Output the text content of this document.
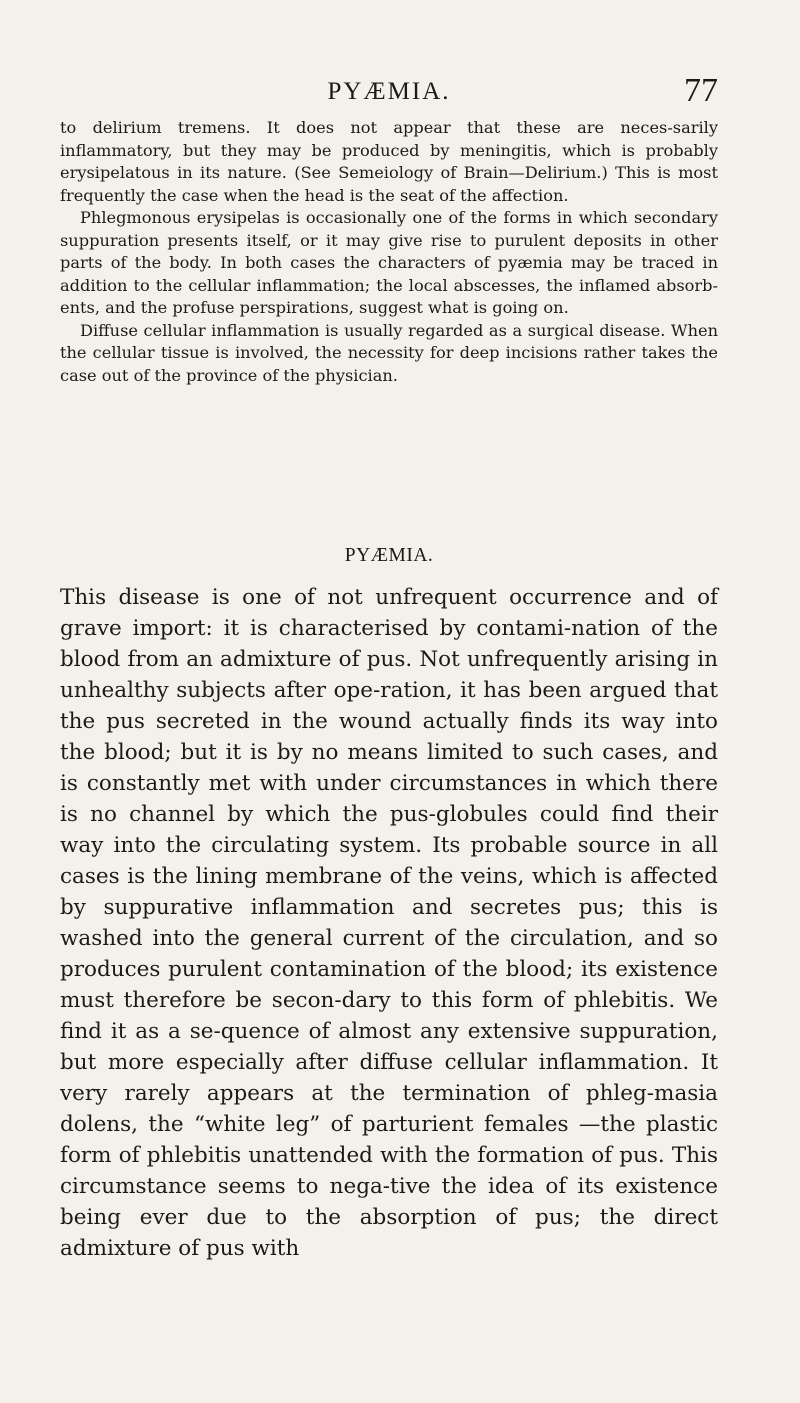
PYÆMIA.	77

to delirium tremens. It does not appear that these are neces-sarily inflammatory, but they may be produced by meningitis, which is probably erysipelatous in its nature. (See Semeiology of Brain—Delirium.) This is most frequently the case when the head is the seat of the affection.

Phlegmonous erysipelas is occasionally one of the forms in which secondary suppuration presents itself, or it may give rise to purulent deposits in other parts of the body. In both cases the characters of pyæmia may be traced in addition to the cellular inflammation; the local abscesses, the inflamed absorb-ents, and the profuse perspirations, suggest what is going on.

Diffuse cellular inflammation is usually regarded as a surgical disease. When the cellular tissue is involved, the necessity for deep incisions rather takes the case out of the province of the physician.

PYÆMIA.

This disease is one of not unfrequent occurrence and of grave import: it is characterised by contami-nation of the blood from an admixture of pus. Not unfrequently arising in unhealthy subjects after ope-ration, it has been argued that the pus secreted in the wound actually finds its way into the blood; but it is by no means limited to such cases, and is constantly met with under circumstances in which there is no channel by which the pus-globules could find their way into the circulating system. Its probable source in all cases is the lining membrane of the veins, which is affected by suppurative inflammation and secretes pus; this is washed into the general current of the circulation, and so produces purulent contamination of the blood; its existence must therefore be secon-dary to this form of phlebitis. We find it as a se-quence of almost any extensive suppuration, but more especially after diffuse cellular inflammation. It very rarely appears at the termination of phleg-masia dolens, the “white leg” of parturient females —the plastic form of phlebitis unattended with the formation of pus. This circumstance seems to nega-tive the idea of its existence being ever due to the absorption of pus; the direct admixture of pus with
